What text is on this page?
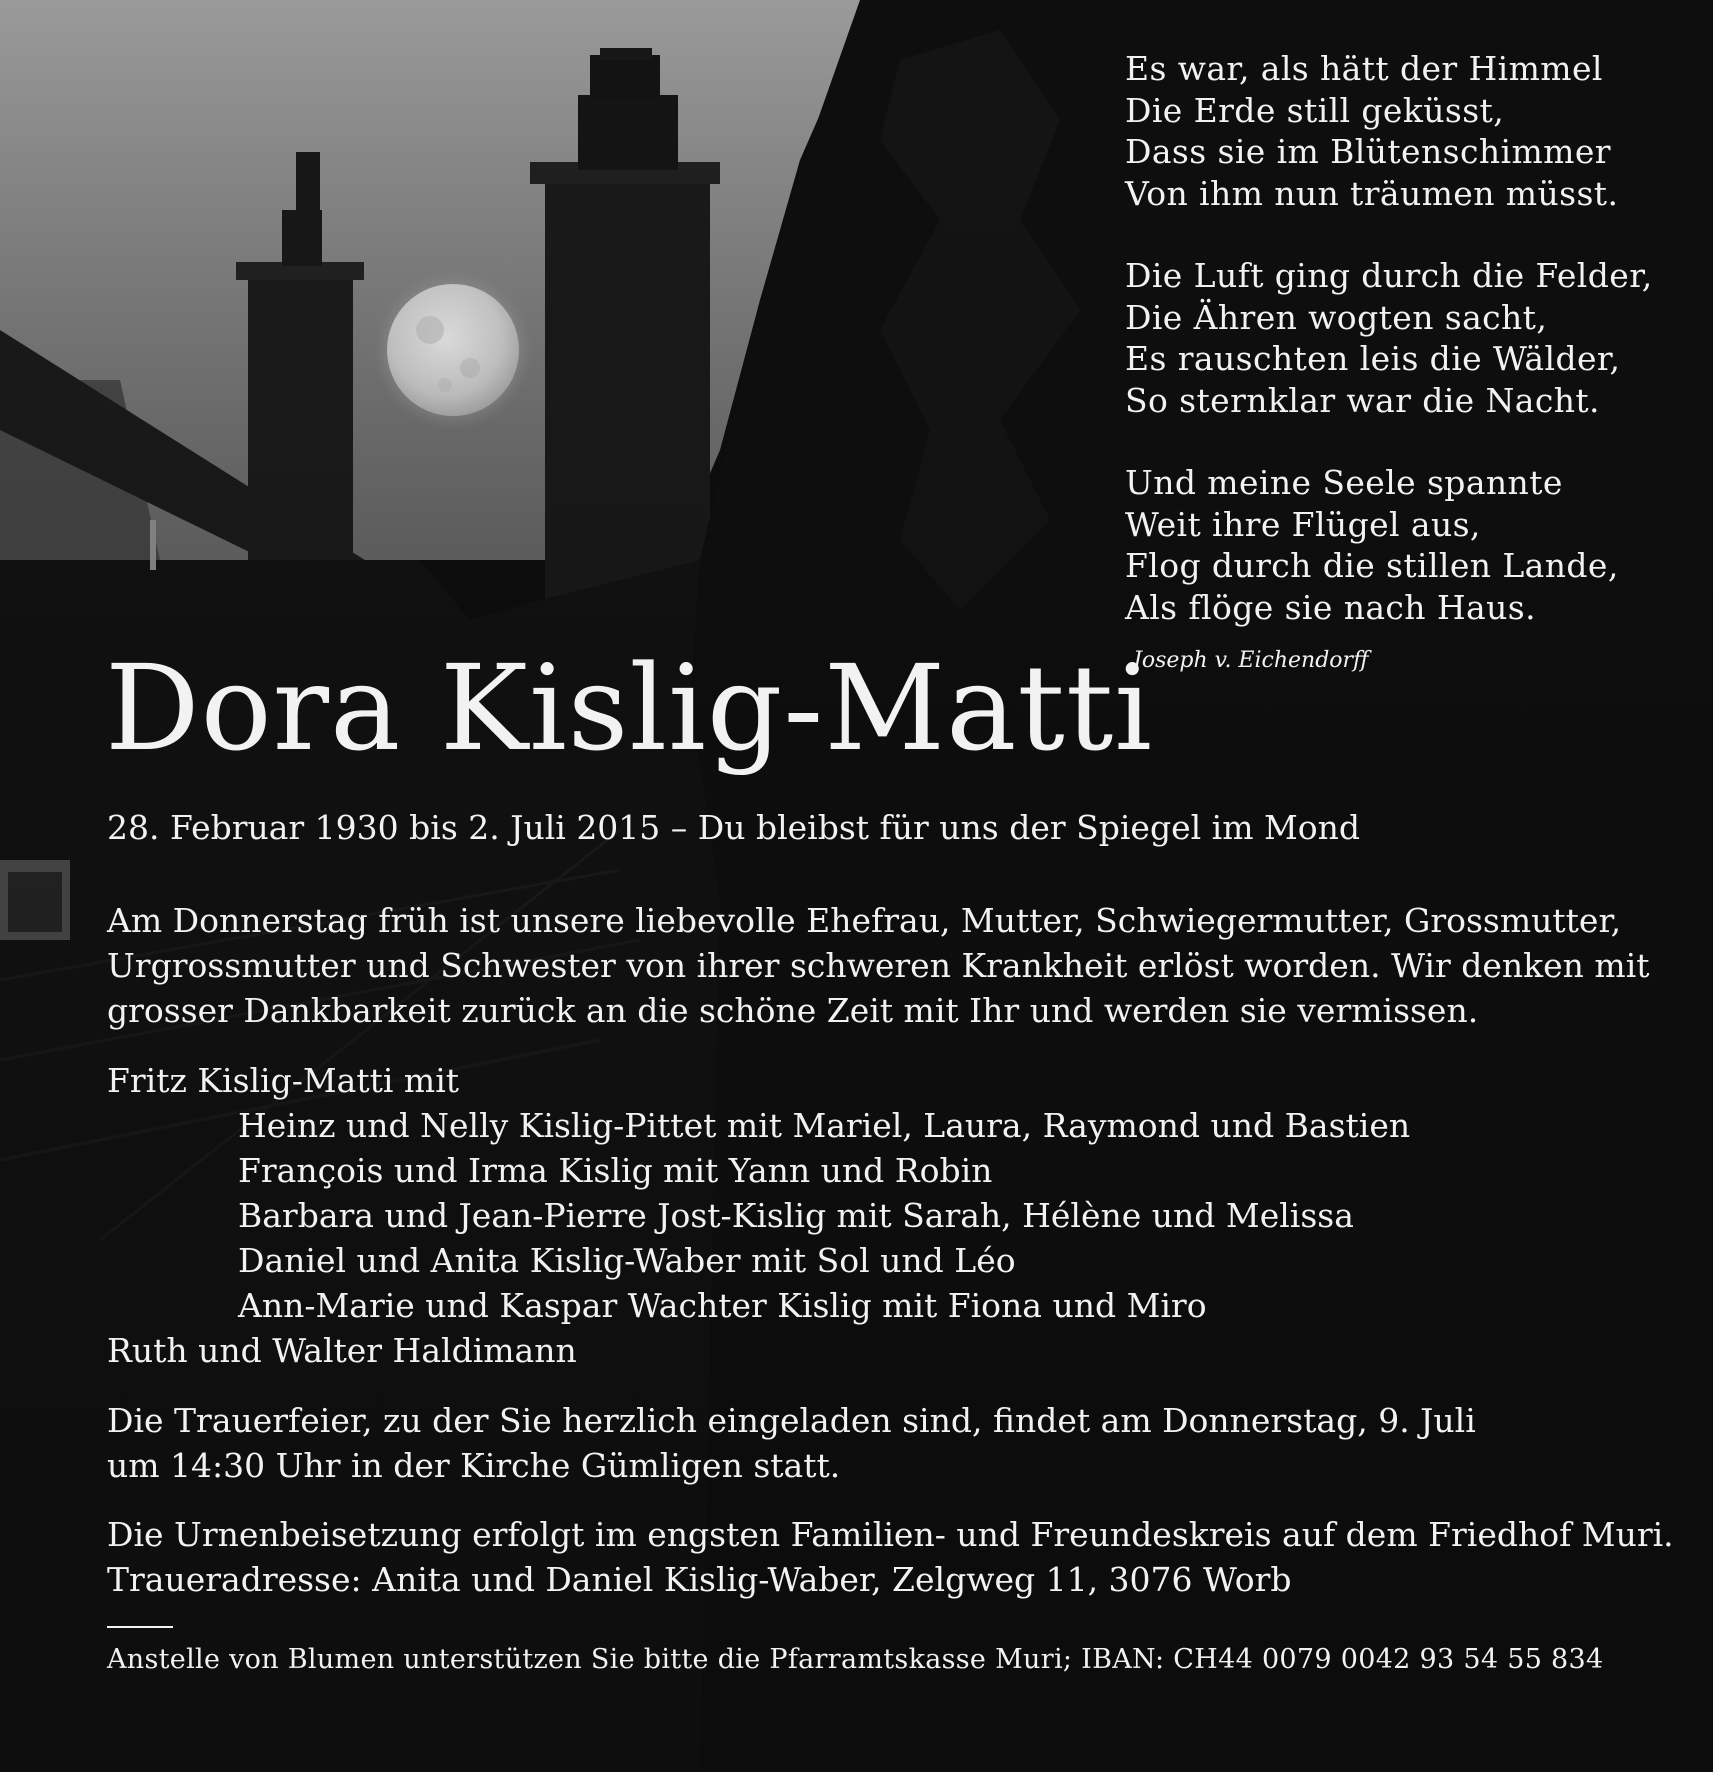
Es war, als hätt der Himmel
Die Erde still geküsst,
Dass sie im Blütenschimmer
Von ihm nun träumen müsst.
Die Luft ging durch die Felder,
Die Ähren wogten sacht,
Es rauschten leis die Wälder,
So sternklar war die Nacht.
Und meine Seele spannte
Weit ihre Flügel aus,
Flog durch die stillen Lande,
Als flöge sie nach Haus.
Joseph v. Eichendorff
Dora Kislig-Matti
28. Februar 1930 bis 2. Juli 2015 – Du bleibst für uns der Spiegel im Mond
Am Donnerstag früh ist unsere liebevolle Ehefrau, Mutter, Schwiegermutter, Grossmutter,
Urgrossmutter und Schwester von ihrer schweren Krankheit erlöst worden. Wir denken mit
grosser Dankbarkeit zurück an die schöne Zeit mit Ihr und werden sie vermissen.
Fritz Kislig-Matti mit
Heinz und Nelly Kislig-Pittet mit Mariel, Laura, Raymond und Bastien
François und Irma Kislig mit Yann und Robin
Barbara und Jean-Pierre Jost-Kislig mit Sarah, Hélène und Melissa
Daniel und Anita Kislig-Waber mit Sol und Léo
Ann-Marie und Kaspar Wachter Kislig mit Fiona und Miro
Ruth und Walter Haldimann
Die Trauerfeier, zu der Sie herzlich eingeladen sind, findet am Donnerstag, 9. Juli
um 14:30 Uhr in der Kirche Gümligen statt.
Die Urnenbeisetzung erfolgt im engsten Familien- und Freundeskreis auf dem Friedhof Muri.
Traueradresse: Anita und Daniel Kislig-Waber, Zelgweg 11, 3076 Worb
Anstelle von Blumen unterstützen Sie bitte die Pfarramtskasse Muri; IBAN: CH44 0079 0042 93 54 55 834
